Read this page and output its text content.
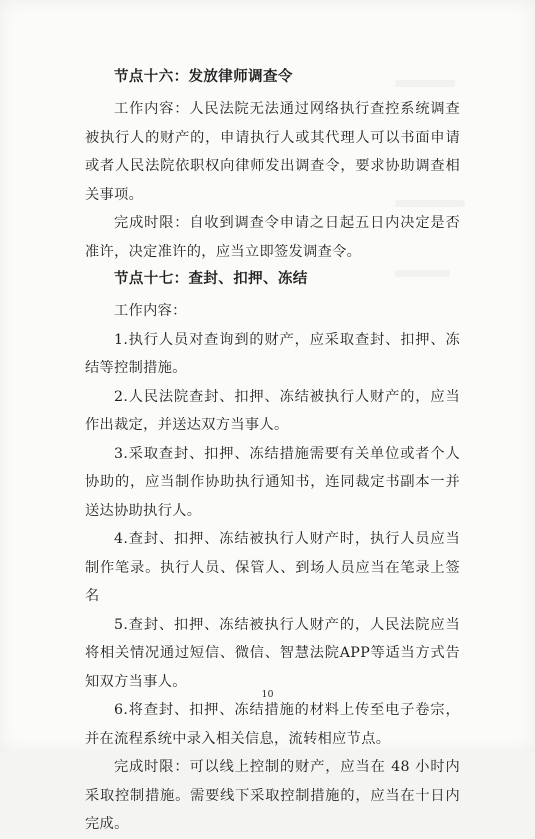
节点十六：发放律师调查令

工作内容：人民法院无法通过网络执行查控系统调查被执行人的财产的，申请执行人或其代理人可以书面申请或者人民法院依职权向律师发出调查令，要求协助调查相关事项。

完成时限：自收到调查令申请之日起五日内决定是否准许，决定准许的，应当立即签发调查令。

节点十七：查封、扣押、冻结

工作内容：

1.执行人员对查询到的财产，应采取查封、扣押、冻结等控制措施。

2.人民法院查封、扣押、冻结被执行人财产的，应当作出裁定，并送达双方当事人。

3.采取查封、扣押、冻结措施需要有关单位或者个人协助的，应当制作协助执行通知书，连同裁定书副本一并送达协助执行人。

4.查封、扣押、冻结被执行人财产时，执行人员应当制作笔录。执行人员、保管人、到场人员应当在笔录上签名

5.查封、扣押、冻结被执行人财产的，人民法院应当将相关情况通过短信、微信、智慧法院APP等适当方式告知双方当事人。

6.将查封、扣押、冻结措施的材料上传至电子卷宗，并在流程系统中录入相关信息，流转相应节点。

完成时限：可以线上控制的财产，应当在 48 小时内采取控制措施。需要线下采取控制措施的，应当在十日内完成。

10
